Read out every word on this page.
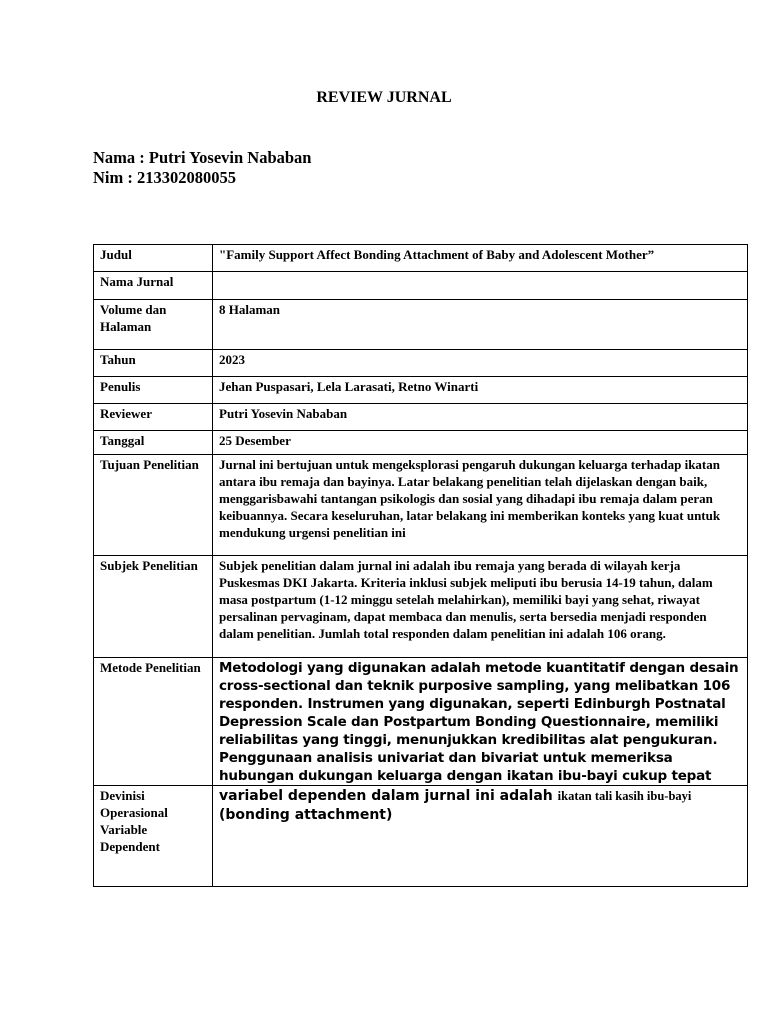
REVIEW JURNAL
Nama : Putri Yosevin Nababan
Nim : 213302080055
Judul	"Family Support Affect Bonding Attachment of Baby and Adolescent Mother”
Nama Jurnal	
Volume dan Halaman	8 Halaman
Tahun	2023
Penulis	Jehan Puspasari, Lela Larasati, Retno Winarti
Reviewer	Putri Yosevin Nababan
Tanggal	25 Desember
Tujuan Penelitian	Jurnal ini bertujuan untuk mengeksplorasi pengaruh dukungan keluarga terhadap ikatan antara ibu remaja dan bayinya. Latar belakang penelitian telah dijelaskan dengan baik, menggarisbawahi tantangan psikologis dan sosial yang dihadapi ibu remaja dalam peran keibuannya. Secara keseluruhan, latar belakang ini memberikan konteks yang kuat untuk mendukung urgensi penelitian ini
Subjek Penelitian	Subjek penelitian dalam jurnal ini adalah ibu remaja yang berada di wilayah kerja Puskesmas DKI Jakarta. Kriteria inklusi subjek meliputi ibu berusia 14-19 tahun, dalam masa postpartum (1-12 minggu setelah melahirkan), memiliki bayi yang sehat, riwayat persalinan pervaginam, dapat membaca dan menulis, serta bersedia menjadi responden dalam penelitian. Jumlah total responden dalam penelitian ini adalah 106 orang.
Metode Penelitian	Metodologi yang digunakan adalah metode kuantitatif dengan desain cross-sectional dan teknik purposive sampling, yang melibatkan 106 responden. Instrumen yang digunakan, seperti Edinburgh Postnatal Depression Scale dan Postpartum Bonding Questionnaire, memiliki reliabilitas yang tinggi, menunjukkan kredibilitas alat pengukuran. Penggunaan analisis univariat dan bivariat untuk memeriksa hubungan dukungan keluarga dengan ikatan ibu-bayi cukup tepat
Devinisi Operasional Variable Dependent	variabel dependen dalam jurnal ini adalah ikatan tali kasih ibu-bayi (bonding attachment)
